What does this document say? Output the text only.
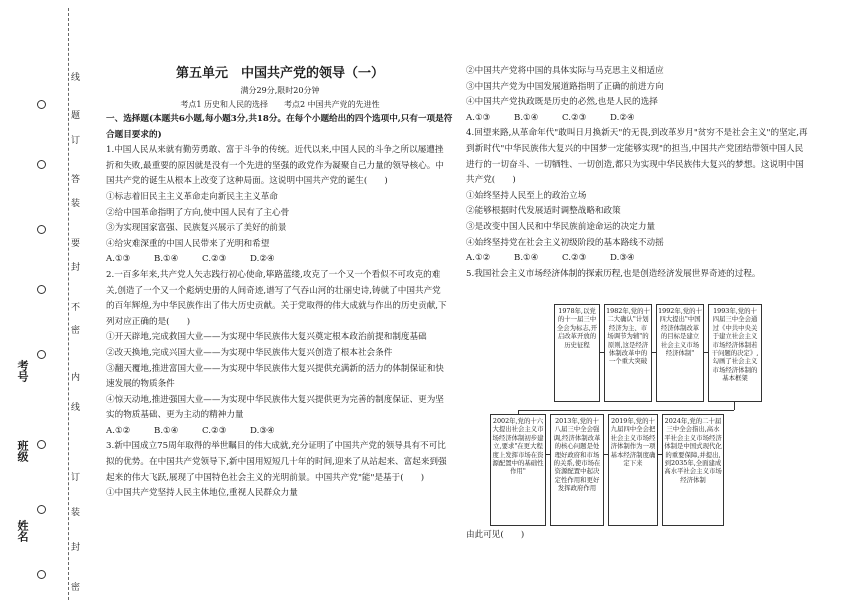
考号
班级
姓名
线
题
订
答
装
要
封
不
密
内
线
订
装
封
密

第五单元　中国共产党的领导（一）

满分29分,限时20分钟

考点1 历史和人民的选择　　考点2 中国共产党的先进性

一、选择题(本题共6小题,每小题3分,共18分。在每个小题给出的四个选项中,只有一项是符合题目要求的)

1.中国人民从来就有勤劳勇敢、富于斗争的传统。近代以来,中国人民的斗争之所以屡遭挫

折和失败,最重要的原因就是没有一个先进的坚强的政党作为凝聚自己力量的领导核心。中

国共产党的诞生从根本上改变了这种局面。这说明中国共产党的诞生(　　)

①标志着旧民主主义革命走向新民主主义革命

②给中国革命指明了方向,使中国人民有了主心骨

③为实现国家富强、民族复兴展示了美好的前景

④给灾难深重的中国人民带来了光明和希望

A.①③	B.①④	C.②③	D.②④

2.一百多年来,共产党人矢志践行初心使命,筚路蓝缕,攻克了一个又一个看似不可攻克的难

关,创造了一个又一个彪炳史册的人间奇迹,谱写了气吞山河的壮丽史诗,铸就了中国共产党

的百年辉煌,为中华民族作出了伟大历史贡献。关于党取得的伟大成就与作出的历史贡献,下

列对应正确的是(　　)

①开天辟地,完成救国大业——为实现中华民族伟大复兴奠定根本政治前提和制度基础

②改天换地,完成兴国大业——为实现中华民族伟大复兴创造了根本社会条件

③翻天覆地,推进富国大业——为实现中华民族伟大复兴提供充满新的活力的体制保证和快

速发展的物质条件

④惊天动地,推进强国大业——为实现中华民族伟大复兴提供更为完善的制度保证、更为坚

实的物质基础、更为主动的精神力量

A.①②	B.①④	C.②③	D.③④

3.新中国成立75周年取得的举世瞩目的伟大成就,充分证明了中国共产党的领导具有不可比

拟的优势。在中国共产党领导下,新中国用短短几十年的时间,迎来了从站起来、富起来到强

起来的伟大飞跃,展现了中国特色社会主义的光明前景。中国共产党"能"是基于(　　)

①中国共产党坚持人民主体地位,重视人民群众力量

②中国共产党将中国的具体实际与马克思主义相适应

③中国共产党为中国发展道路指明了正确的前进方向

④中国共产党执政既是历史的必然,也是人民的选择

A.①③	B.①④	C.②③	D.②④

4.回望来路,从革命年代"敢叫日月换新天"的无畏,到改革岁月"贫穷不是社会主义"的坚定,再

到新时代"中华民族伟大复兴的中国梦一定能够实现"的担当,中国共产党团结带领中国人民

进行的一切奋斗、一切牺牲、一切创造,都只为实现中华民族伟大复兴的梦想。这说明中国

共产党(　　)

①始终坚持人民至上的政治立场

②能够根据时代发展适时调整战略和政策

③是改变中国人民和中华民族前途命运的决定力量

④始终坚持党在社会主义初级阶段的基本路线不动摇

A.①②	B.①④	C.②③	D.③④

5.我国社会主义市场经济体制的探索历程,也是创造经济发展世界奇迹的过程。

1978年,以党的十一届三中全会为标志,开启改革开放的历史征程
1982年,党的十二大确认"计划经济为主、市场调节为辅"的原则,这是经济体制改革中的一个重大突破
1992年,党的十四大提出"中国经济体制改革的目标是建立社会主义市场经济体制"
1993年,党的十四届三中全会通过《中共中央关于建立社会主义市场经济体制若干问题的决定》,勾画了社会主义市场经济体制的基本框架
2002年,党的十六大提出社会主义市场经济体制初步建立,要求"在更大程度上发挥市场在资源配置中的基础性作用"
2013年,党的十八届三中全会强调,经济体制改革的核心问题是处理好政府和市场的关系,使市场在资源配置中起决定性作用和更好发挥政府作用
2019年,党的十九届四中全会把社会主义市场经济体制作为一项基本经济制度确定下来
2024年,党的二十届三中全会指出,高水平社会主义市场经济体制是中国式现代化的重要保障,并提出,到2035年,全面建成高水平社会主义市场经济体制

由此可见(　　)
